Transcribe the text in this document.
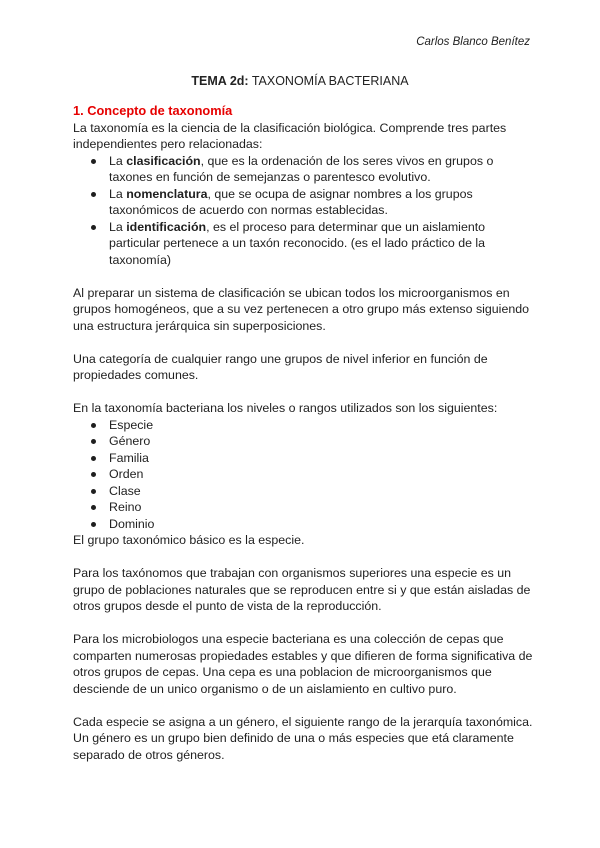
Carlos Blanco Benítez
TEMA 2d: TAXONOMÍA BACTERIANA
1. Concepto de taxonomía

La taxonomía es la ciencia de la clasificación biológica. Comprende tres partes independientes pero relacionadas:

La clasificación, que es la ordenación de los seres vivos en grupos o taxones en función de semejanzas o parentesco evolutivo.
La nomenclatura, que se ocupa de asignar nombres a los grupos taxonómicos de acuerdo con normas establecidas.
La identificación, es el proceso para determinar que un aislamiento particular pertenece a un taxón reconocido. (es el lado práctico de la taxonomía)

Al preparar un sistema de clasificación se ubican todos los microorganismos en grupos homogéneos, que a su vez pertenecen a otro grupo más extenso siguiendo una estructura jerárquica sin superposiciones.

Una categoría de cualquier rango une grupos de nivel inferior en función de propiedades comunes.

En la taxonomía bacteriana los niveles o rangos utilizados son los siguientes:

Especie
Género
Familia
Orden
Clase
Reino
Dominio

El grupo taxonómico básico es la especie.

Para los taxónomos que trabajan con organismos superiores una especie es un grupo de poblaciones naturales que se reproducen entre si y que están aisladas de otros grupos desde el punto de vista de la reproducción.

Para los microbiologos una especie bacteriana es una colección de cepas que comparten numerosas propiedades estables y que difieren de forma significativa de otros grupos de cepas. Una cepa es una poblacion de microorganismos que desciende de un unico organismo o de un aislamiento en cultivo puro.

Cada especie se asigna a un género, el siguiente rango de la jerarquía taxonómica. Un género es un grupo bien definido de una o más especies que etá claramente separado de otros géneros.
